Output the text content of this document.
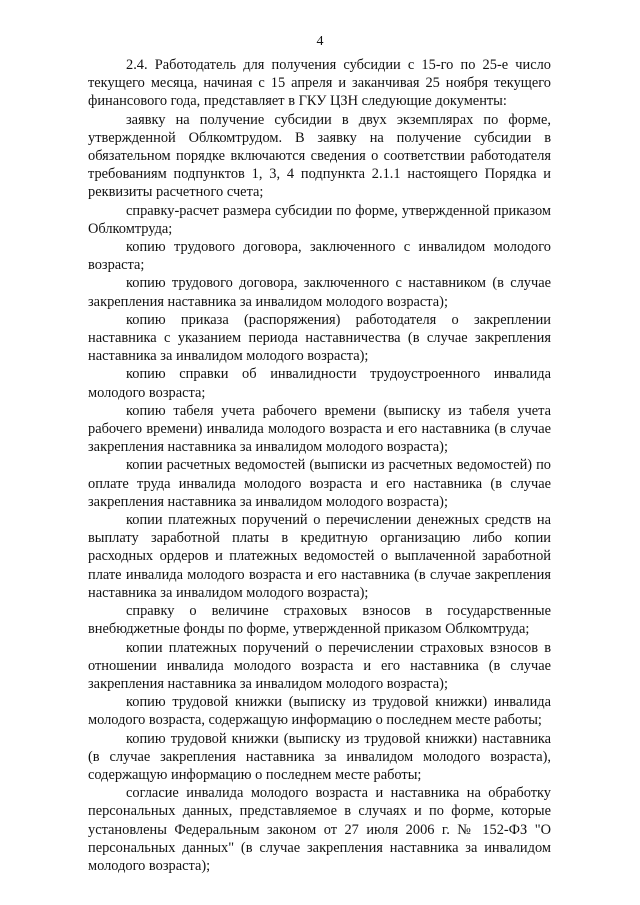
4

2.4. Работодатель для получения субсидии с 15-го по 25-е число текущего месяца, начиная с 15 апреля и заканчивая 25 ноября текущего финансового года, представляет в ГКУ ЦЗН следующие документы:

заявку на получение субсидии в двух экземплярах по форме, утвержденной Облкомтрудом. В заявку на получение субсидии в обязательном порядке включаются сведения о соответствии работодателя требованиям подпунктов 1, 3, 4 подпункта 2.1.1 настоящего Порядка и реквизиты расчетного счета;

справку-расчет размера субсидии по форме, утвержденной приказом Облкомтруда;

копию трудового договора, заключенного с инвалидом молодого возраста;

копию трудового договора, заключенного с наставником (в случае закрепления наставника за инвалидом молодого возраста);

копию приказа (распоряжения) работодателя о закреплении наставника с указанием периода наставничества (в случае закрепления наставника за инвалидом молодого возраста);

копию справки об инвалидности трудоустроенного инвалида молодого возраста;

копию табеля учета рабочего времени (выписку из табеля учета рабочего времени) инвалида молодого возраста и его наставника (в случае закрепления наставника за инвалидом молодого возраста);

копии расчетных ведомостей (выписки из расчетных ведомостей) по оплате труда инвалида молодого возраста и его наставника (в случае закрепления наставника за инвалидом молодого возраста);

копии платежных поручений о перечислении денежных средств на выплату заработной платы в кредитную организацию либо копии расходных ордеров и платежных ведомостей о выплаченной заработной плате инвалида молодого возраста и его наставника (в случае закрепления наставника за инвалидом молодого возраста);

справку о величине страховых взносов в государственные внебюджетные фонды по форме, утвержденной приказом Облкомтруда;

копии платежных поручений о перечислении страховых взносов в отношении инвалида молодого возраста и его наставника (в случае закрепления наставника за инвалидом молодого возраста);

копию трудовой книжки (выписку из трудовой книжки) инвалида молодого возраста, содержащую информацию о последнем месте работы;

копию трудовой книжки (выписку из трудовой книжки) наставника (в случае закрепления наставника за инвалидом молодого возраста), содержащую информацию о последнем месте работы;

согласие инвалида молодого возраста и наставника на обработку персональных данных, представляемое в случаях и по форме, которые установлены Федеральным законом от 27 июля 2006 г. № 152-ФЗ "О персональных данных" (в случае закрепления наставника за инвалидом молодого возраста);
